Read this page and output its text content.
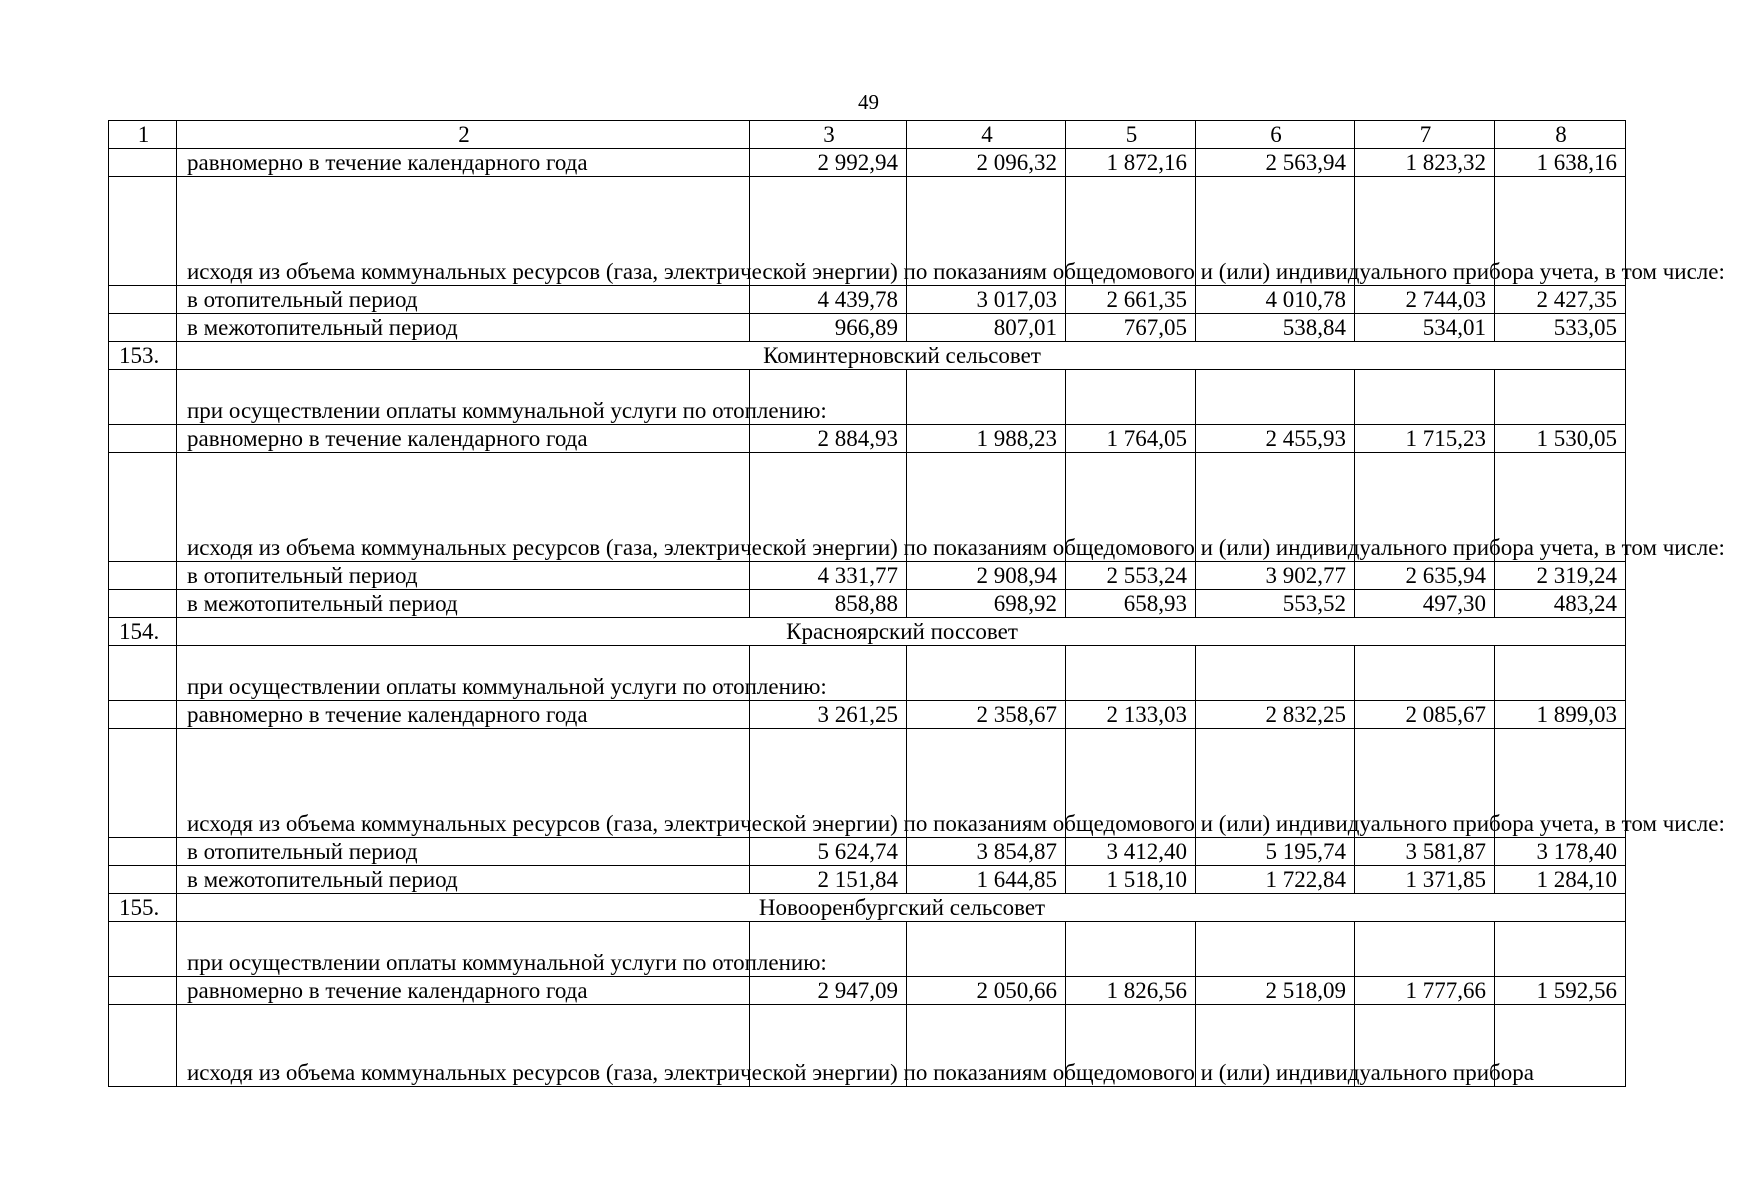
49
1	2	3	4	5	6	7	8
	равномерно в течение календарного года	2 992,94	2 096,32	1 872,16	2 563,94	1 823,32	1 638,16
	исходя из объема коммунальных ресурсов (газа, электрической энергии) по показаниям общедомового и (или) индивидуального прибора учета, в том числе:						
	в отопительный период	4 439,78	3 017,03	2 661,35	4 010,78	2 744,03	2 427,35
	в межотопительный период	966,89	807,01	767,05	538,84	534,01	533,05
153.	Коминтерновский сельсовет						
	при осуществлении оплаты коммунальной услуги по отоплению:						
	равномерно в течение календарного года	2 884,93	1 988,23	1 764,05	2 455,93	1 715,23	1 530,05
	исходя из объема коммунальных ресурсов (газа, электрической энергии) по показаниям общедомового и (или) индивидуального прибора учета, в том числе:						
	в отопительный период	4 331,77	2 908,94	2 553,24	3 902,77	2 635,94	2 319,24
	в межотопительный период	858,88	698,92	658,93	553,52	497,30	483,24
154.	Красноярский поссовет						
	при осуществлении оплаты коммунальной услуги по отоплению:						
	равномерно в течение календарного года	3 261,25	2 358,67	2 133,03	2 832,25	2 085,67	1 899,03
	исходя из объема коммунальных ресурсов (газа, электрической энергии) по показаниям общедомового и (или) индивидуального прибора учета, в том числе:						
	в отопительный период	5 624,74	3 854,87	3 412,40	5 195,74	3 581,87	3 178,40
	в межотопительный период	2 151,84	1 644,85	1 518,10	1 722,84	1 371,85	1 284,10
155.	Новооренбургский сельсовет						
	при осуществлении оплаты коммунальной услуги по отоплению:						
	равномерно в течение календарного года	2 947,09	2 050,66	1 826,56	2 518,09	1 777,66	1 592,56
	исходя из объема коммунальных ресурсов (газа, электрической энергии) по показаниям общедомового и (или) индивидуального прибора						
